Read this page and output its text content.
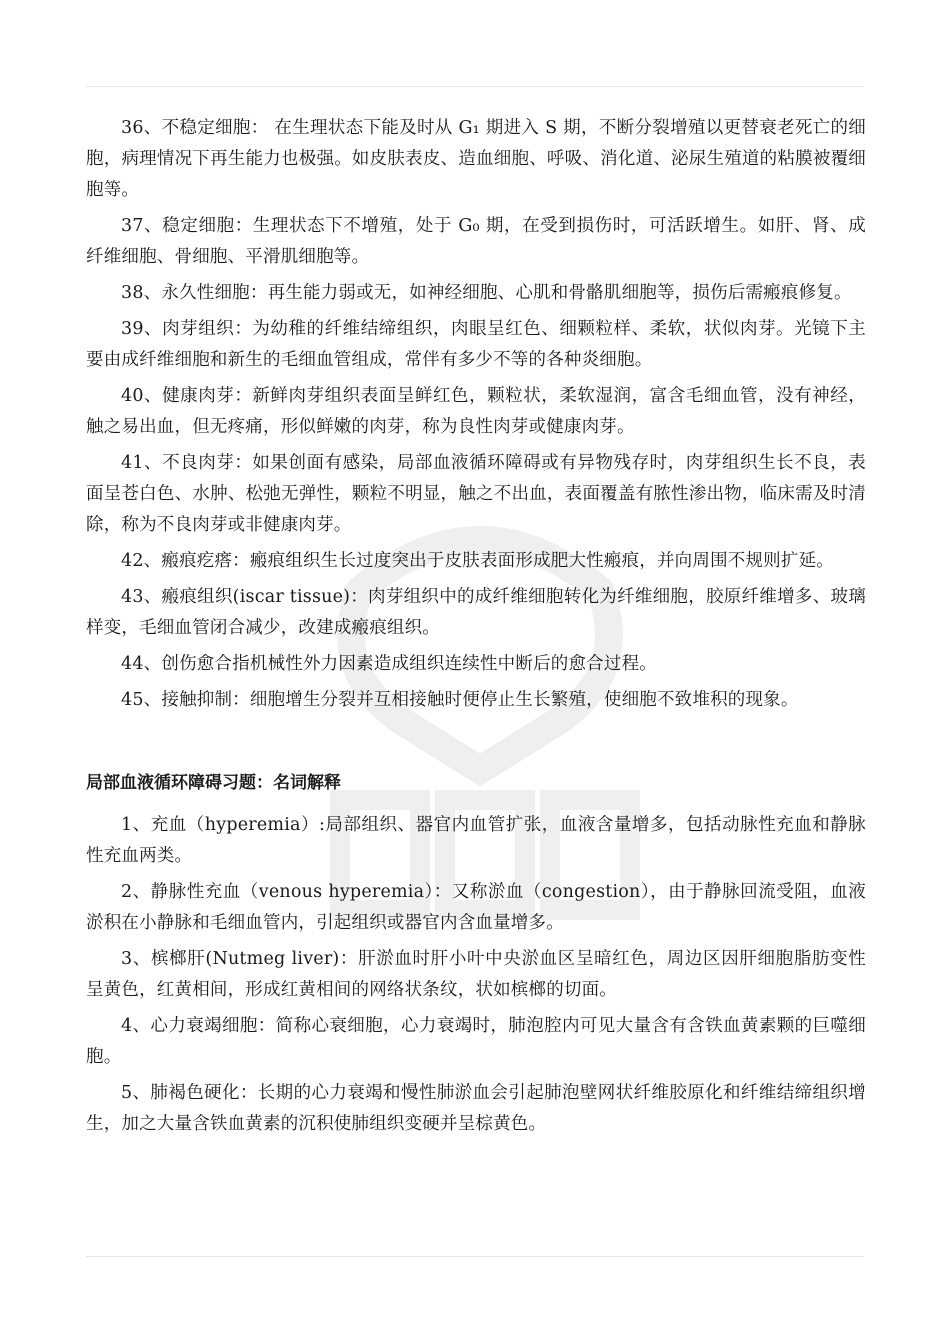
36、不稳定细胞： 在生理状态下能及时从 G₁ 期进入 S 期，不断分裂增殖以更替衰老死亡的细胞，病理情况下再生能力也极强。如皮肤表皮、造血细胞、呼吸、消化道、泌尿生殖道的粘膜被覆细胞等。

37、稳定细胞：生理状态下不增殖，处于 G₀ 期，在受到损伤时，可活跃增生。如肝、肾、成纤维细胞、骨细胞、平滑肌细胞等。

38、永久性细胞：再生能力弱或无，如神经细胞、心肌和骨骼肌细胞等，损伤后需瘢痕修复。

39、肉芽组织：为幼稚的纤维结缔组织，肉眼呈红色、细颗粒样、柔软，状似肉芽。光镜下主要由成纤维细胞和新生的毛细血管组成，常伴有多少不等的各种炎细胞。

40、健康肉芽：新鲜肉芽组织表面呈鲜红色，颗粒状，柔软湿润，富含毛细血管，没有神经，触之易出血，但无疼痛，形似鲜嫩的肉芽，称为良性肉芽或健康肉芽。

41、不良肉芽：如果创面有感染，局部血液循环障碍或有异物残存时，肉芽组织生长不良，表面呈苍白色、水肿、松弛无弹性，颗粒不明显，触之不出血，表面覆盖有脓性渗出物，临床需及时清除，称为不良肉芽或非健康肉芽。

42、瘢痕疙瘩：瘢痕组织生长过度突出于皮肤表面形成肥大性瘢痕，并向周围不规则扩延。

43、瘢痕组织(iscar tissue)：肉芽组织中的成纤维细胞转化为纤维细胞，胶原纤维增多、玻璃样变，毛细血管闭合减少，改建成瘢痕组织。

44、创伤愈合指机械性外力因素造成组织连续性中断后的愈合过程。

45、接触抑制：细胞增生分裂并互相接触时便停止生长繁殖，使细胞不致堆积的现象。

局部血液循环障碍习题：名词解释

1、充血（hyperemia）:局部组织、器官内血管扩张，血液含量增多，包括动脉性充血和静脉性充血两类。

2、静脉性充血（venous hyperemia）：又称淤血（congestion），由于静脉回流受阻，血液淤积在小静脉和毛细血管内，引起组织或器官内含血量增多。

3、槟榔肝(Nutmeg liver)：肝淤血时肝小叶中央淤血区呈暗红色，周边区因肝细胞脂肪变性呈黄色，红黄相间，形成红黄相间的网络状条纹，状如槟榔的切面。

4、心力衰竭细胞：简称心衰细胞，心力衰竭时，肺泡腔内可见大量含有含铁血黄素颗的巨噬细胞。

5、肺褐色硬化：长期的心力衰竭和慢性肺淤血会引起肺泡壁网状纤维胶原化和纤维结缔组织增生，加之大量含铁血黄素的沉积使肺组织变硬并呈棕黄色。
